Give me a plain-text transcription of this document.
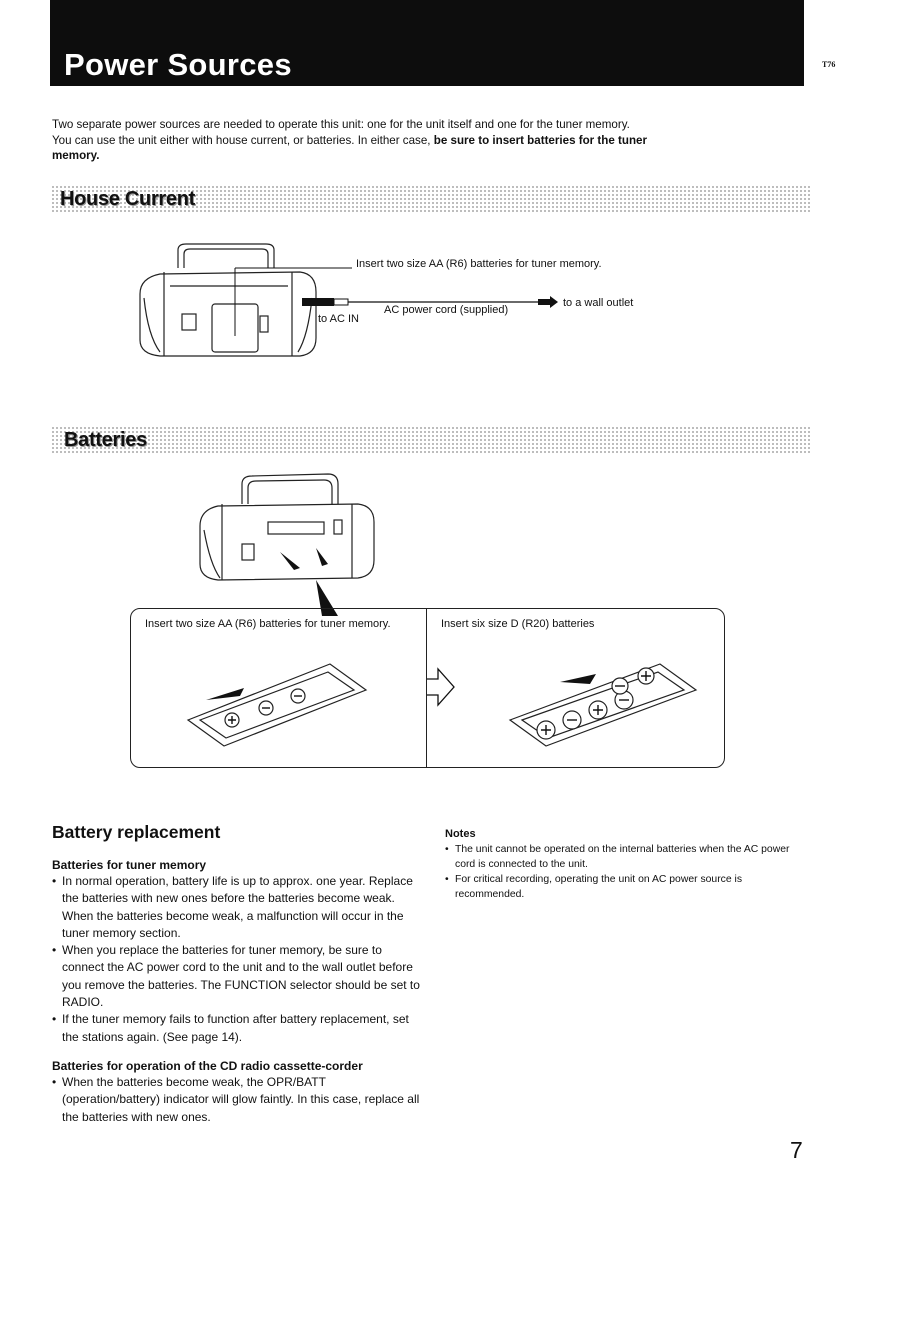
Power Sources	T76

Two separate power sources are needed to operate this unit: one for the unit itself and one for the tuner memory.

You can use the unit either with house current, or batteries. In either case, be sure to insert batteries for the tuner

memory.

House Current
Insert two size AA (R6) batteries for tuner memory.
AC power cord (supplied)
to AC IN
to a wall outlet
Batteries
Insert two size AA (R6) batteries for tuner memory.	Insert six size D (R20) batteries
Battery replacement
Batteries for tuner memory
• In normal operation, battery life is up to approx. one year. Replace the batteries with new ones before the batteries become weak. When the batteries become weak, a malfunction will occur in the tuner memory section.
• When you replace the batteries for tuner memory, be sure to connect the AC power cord to the unit and to the wall outlet before you remove the batteries. The FUNCTION selector should be set to RADIO.
• If the tuner memory fails to function after battery replacement, set the stations again. (See page 14).
Batteries for operation of the CD radio cassette-corder
• When the batteries become weak, the OPR/BATT (operation/battery) indicator will glow faintly. In this case, replace all the batteries with new ones.
Notes
• The unit cannot be operated on the internal batteries when the AC power cord is connected to the unit.
• For critical recording, operating the unit on AC power source is recommended.
7
